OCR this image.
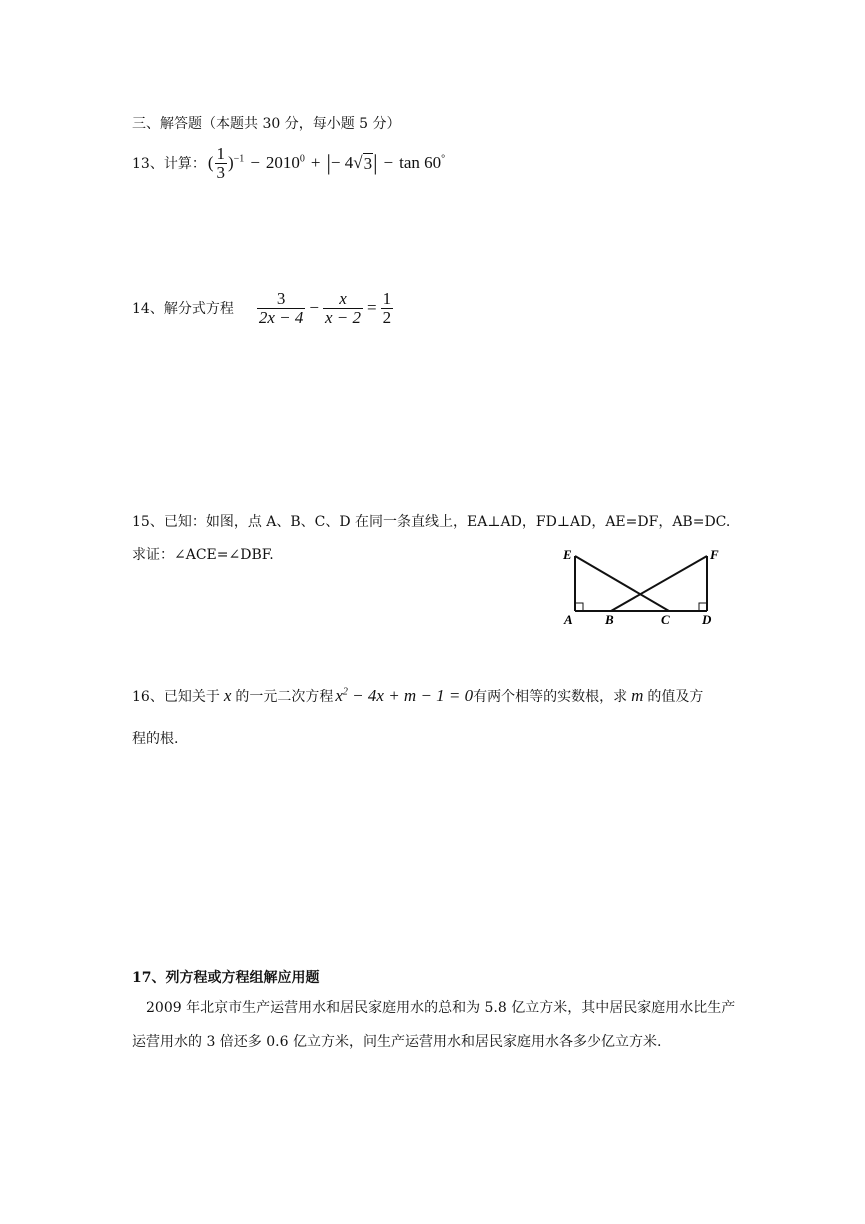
三、解答题（本题共 30 分，每小题 5 分）
13、计算： ( $\frac{1}{3} )^{-1} - 2010^0$ + | − 4 √ 3 | − tan 60°
14、解分式方程 $\frac{3}{2x - 4} - \frac{x}{x - 2} = \frac{1}{2}$
15、已知：如图，点 A、B、C、D 在同一条直线上，EA⊥AD，FD⊥AD，AE=DF，AB=DC.
求证：∠ACE=∠DBF.	E	F
A B	C D
16、已知关于 x 的一元二次方程 $x^2 - 4x + m - 1 = 0$ 有两个相等的实数根，求 m 的值及方
程的根.
17、列方程或方程组解应用题
2009 年北京市生产运营用水和居民家庭用水的总和为 5.8 亿立方米，其中居民家庭用水比生产运营用水的 3 倍还多 0.6 亿立方米，问生产运营用水和居民家庭用水各多少亿立方米.
